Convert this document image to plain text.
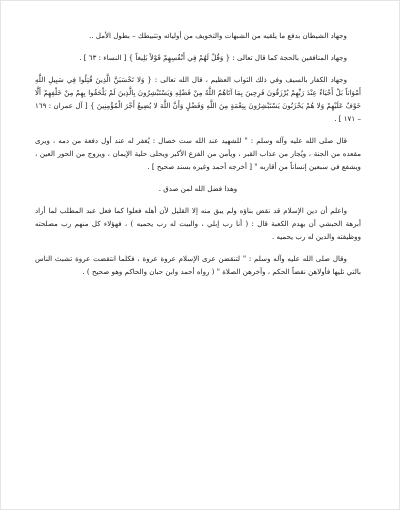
وجهاد الشيطان بدفع ما يلقيه من الشبهات والتخويف من أوليائه وتثبيطك – بطول الأمل ..

وجهاد المنافقين بالحجة كما قال تعالى : { وَقُلْ لَهُمْ فِي أَنْفُسِهِمْ قَوْلاً بَلِيغاً } [ النساء : ٦٣ ] .

وجهاد الكفار بالسيف وفي ذلك الثواب العظيم ، قال الله تعالى : { وَلا تَحْسَبَنَّ الَّذِينَ قُتِلُوا فِي سَبِيلِ اللَّهِ أَمْوَاتاً بَلْ أَحْيَاءٌ عِنْدَ رَبِّهِمْ يُرْزَقُونَ فَرِحِينَ بِمَا آتَاهُمُ اللَّهُ مِنْ فَضْلِهِ وَيَسْتَبْشِرُونَ بِالَّذِينَ لَمْ يَلْحَقُوا بِهِمْ مِنْ خَلْفِهِمْ أَلَّا خَوْفٌ عَلَيْهِمْ وَلا هُمْ يَحْزَنُونَ يَسْتَبْشِرُونَ بِنِعْمَةٍ مِنَ اللَّهِ وَفَضْلٍ وَأَنَّ اللَّهَ لا يُضِيعُ أَجْرَ الْمُؤْمِنِينَ } [ آل عمران : ١٦٩ – ١٧١ ] .

قال صلى الله عليه وآله وسلم : " للشهيد عند الله ست خصال : يُغفر له عند أول دفعة من دمه ، ويرى مقعده من الجنة ، ويُجار من عذاب القبر ، ويأمن من الفزع الأكبر ويحلى حلية الإيمان ، ويزوج من الحور العين ، ويشفع في سبعين إنساناً من أقاربه " [ أخرجه أحمد وغيره بسند صحيح ] .

وهذا فضل الله لمن صدق .

واعلم أن دين الإسلام قد نقض بناؤه ولم يبق منه إلا القليل لأن أهله فعلوا كما فعل عبد المطلب لما أراد أبرهة الحبشي أن يهدم الكعبة قال : ( أنا رب إبلي ، والبيت له رب يحميه ) ، فهؤلاء كل منهم رب مصلحته ووظيفته والدين له رب يحميه .

وقال صلى الله عليه وآله وسلم : " لتنقضن عرى الإسلام عروة عروة ، فكلما انتقضت عروة تشبث الناس بالتي تليها فأولاهن نقضاً الحكم ، وآخرهن الصلاة " ( رواه أحمد وابن حبان والحاكم وهو صحيح ) .
